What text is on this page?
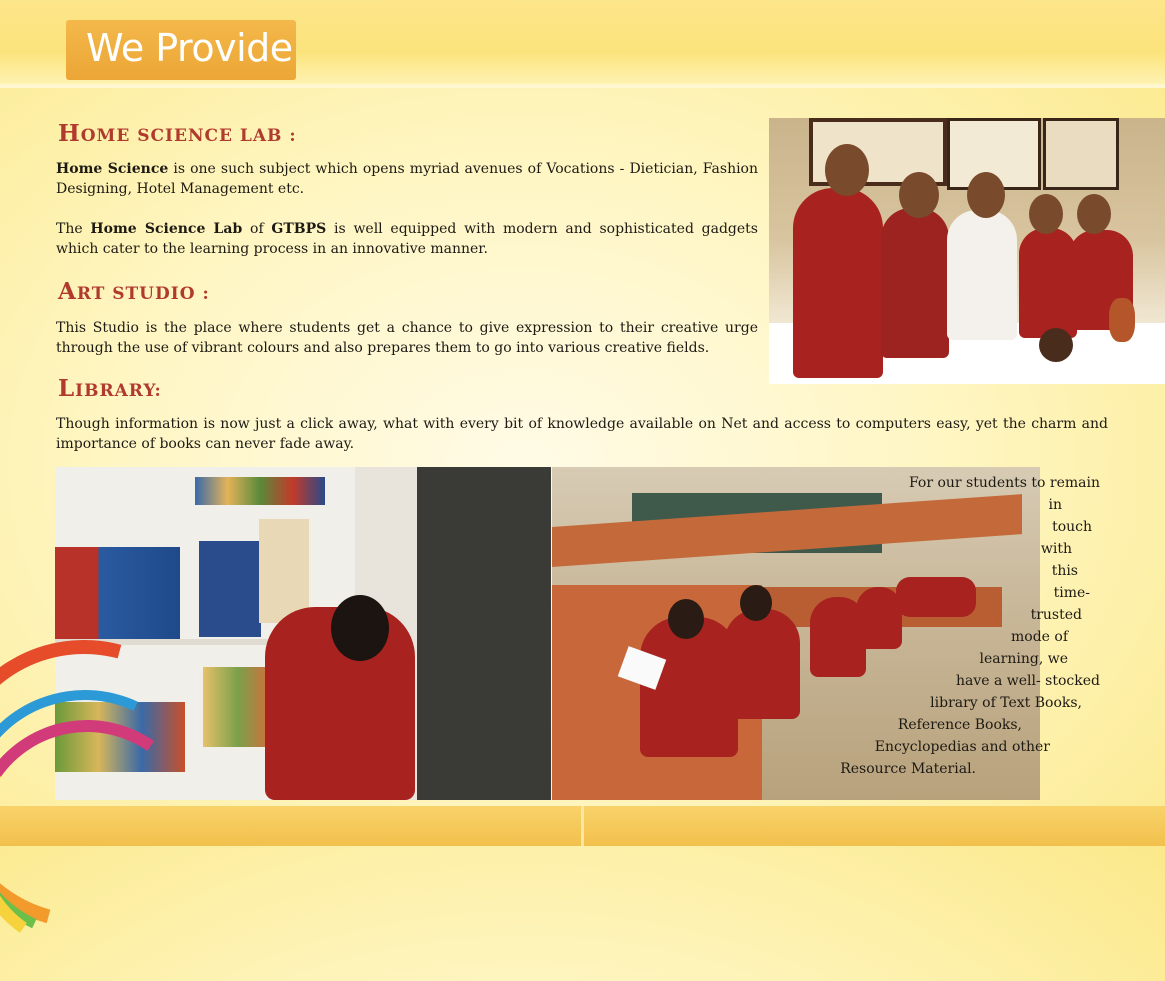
We Provide
HOME SCIENCE LAB :
Home Science is one such subject which opens myriad avenues of Vocations - Dietician, Fashion Designing, Hotel Management etc.
The Home Science Lab of GTBPS is well equipped with modern and sophisticated gadgets which cater to the learning process in an innovative manner.
ART STUDIO :
This Studio is the place where students get a chance to give expression to their creative urge through the use of vibrant colours and also prepares them to go into various creative fields.
LIBRARY:
Though information is now just a click away, what with every bit of knowledge available on Net and access to computers easy, yet the charm and importance of books can never fade away.
For our students to remain
in
touch
with
this
time-
trusted
mode of
learning, we
have a well- stocked
library of Text Books,
Reference Books,
Encyclopedias and other
Resource Material.
